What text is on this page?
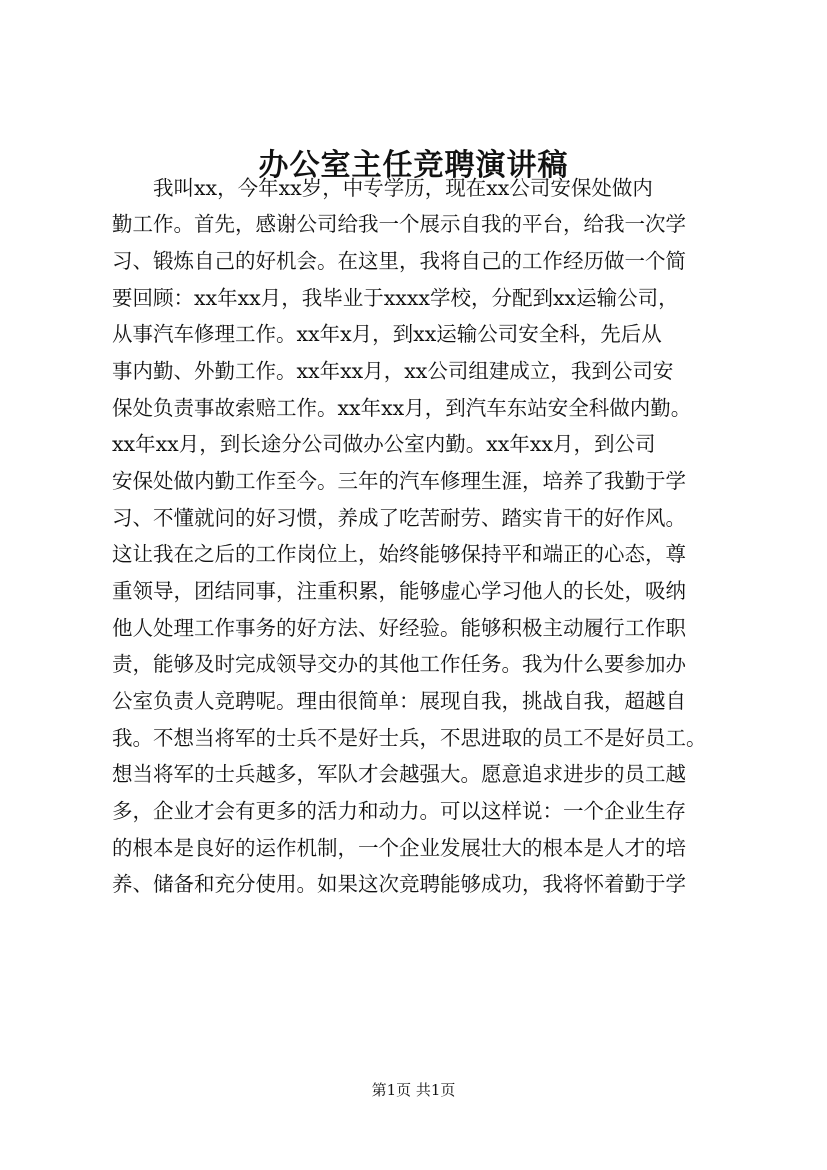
办公室主任竞聘演讲稿
我叫xx，今年xx岁，中专学历，现在xx公司安保处做内
勤工作。首先，感谢公司给我一个展示自我的平台，给我一次学
习、锻炼自己的好机会。在这里，我将自己的工作经历做一个简
要回顾：xx年xx月，我毕业于xxxx学校，分配到xx运输公司，
从事汽车修理工作。xx年x月，到xx运输公司安全科，先后从
事内勤、外勤工作。xx年xx月，xx公司组建成立，我到公司安
保处负责事故索赔工作。xx年xx月，到汽车东站安全科做内勤。
xx年xx月，到长途分公司做办公室内勤。xx年xx月，到公司
安保处做内勤工作至今。三年的汽车修理生涯，培养了我勤于学
习、不懂就问的好习惯，养成了吃苦耐劳、踏实肯干的好作风。
这让我在之后的工作岗位上，始终能够保持平和端正的心态，尊
重领导，团结同事，注重积累，能够虚心学习他人的长处，吸纳
他人处理工作事务的好方法、好经验。能够积极主动履行工作职
责，能够及时完成领导交办的其他工作任务。我为什么要参加办
公室负责人竞聘呢。理由很简单：展现自我，挑战自我，超越自
我。不想当将军的士兵不是好士兵，不思进取的员工不是好员工。
想当将军的士兵越多，军队才会越强大。愿意追求进步的员工越
多，企业才会有更多的活力和动力。可以这样说：一个企业生存
的根本是良好的运作机制，一个企业发展壮大的根本是人才的培
养、储备和充分使用。如果这次竞聘能够成功，我将怀着勤于学
第1页 共1页
